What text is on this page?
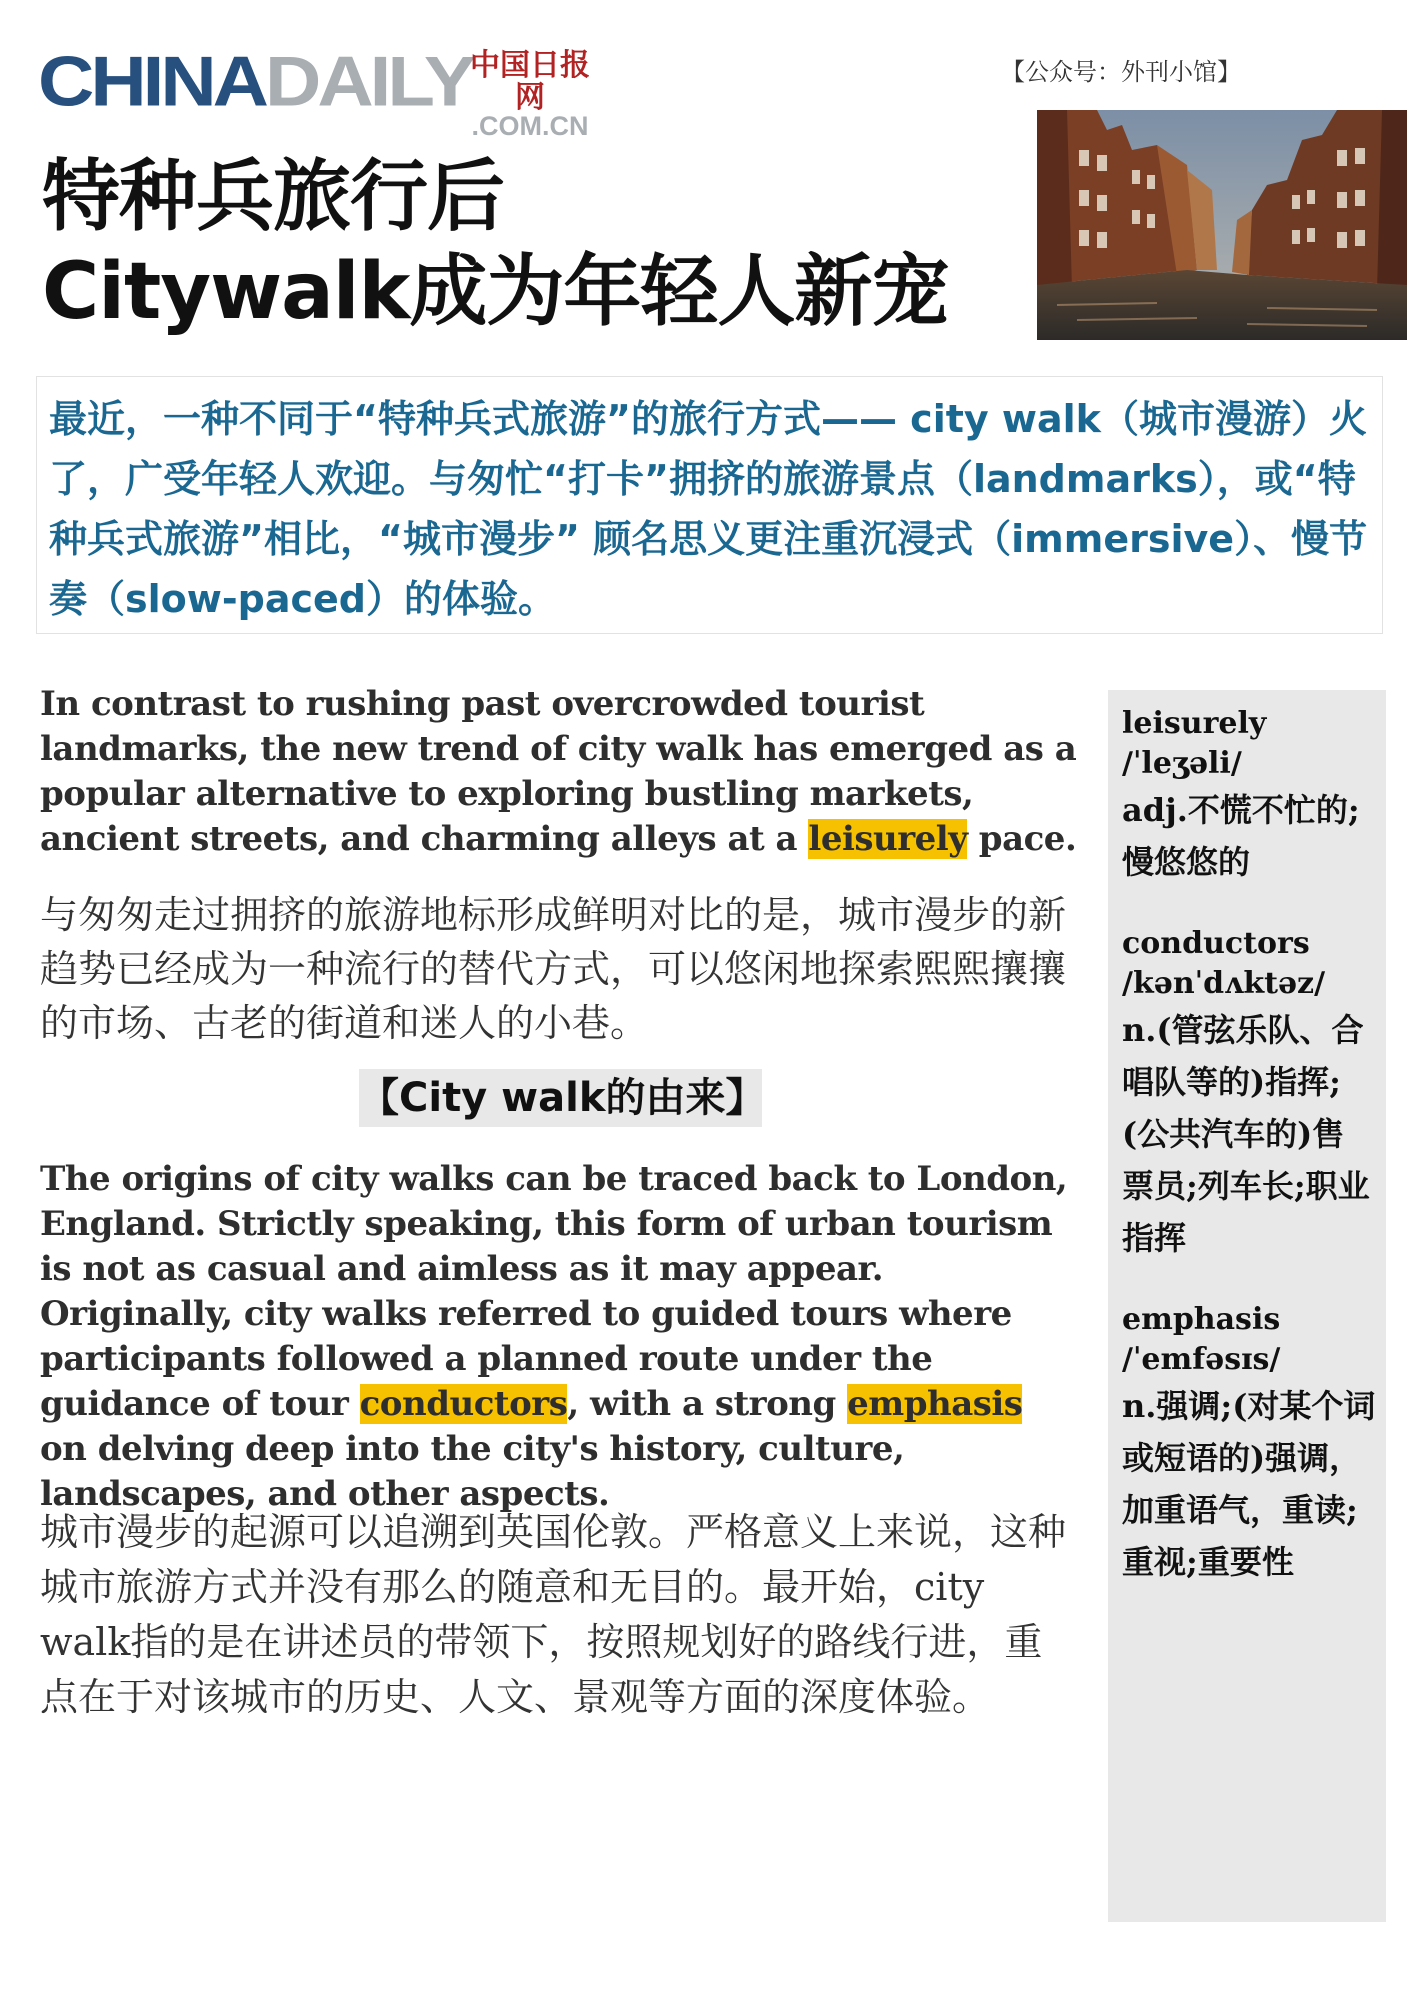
CHINADAILY
中国日报网
.COM.CN
【公众号：外刊小馆】
特种兵旅行后
Citywalk成为年轻人新宠

最近，一种不同于“特种兵式旅游”的旅行方式—— city walk（城市漫游）火了，广受年轻人欢迎。与匆忙“打卡”拥挤的旅游景点（landmarks），或“特种兵式旅游”相比，“城市漫步” 顾名思义更注重沉浸式（immersive）、慢节奏（slow-paced）的体验。

In contrast to rushing past overcrowded tourist landmarks, the new trend of city walk has emerged as a popular alternative to exploring bustling markets, ancient streets, and charming alleys at a leisurely pace.

与匆匆走过拥挤的旅游地标形成鲜明对比的是，城市漫步的新趋势已经成为一种流行的替代方式，可以悠闲地探索熙熙攘攘的市场、古老的街道和迷人的小巷。

【City walk的由来】

The origins of city walks can be traced back to London, England. Strictly speaking, this form of urban tourism is not as casual and aimless as it may appear. Originally, city walks referred to guided tours where participants followed a planned route under the guidance of tour conductors, with a strong emphasis on delving deep into the city's history, culture, landscapes, and other aspects.

城市漫步的起源可以追溯到英国伦敦。严格意义上来说，这种城市旅游方式并没有那么的随意和无目的。最开始，city walk指的是在讲述员的带领下，按照规划好的路线行进，重点在于对该城市的历史、人文、景观等方面的深度体验。

leisurely
/ˈleʒəli/
adj.不慌不忙的;慢悠悠的
conductors
/kənˈdʌktəz/
n.(管弦乐队、合唱队等的)指挥;(公共汽车的)售票员;列车长;职业指挥
emphasis
/ˈemfəsɪs/
n.强调;(对某个词或短语的)强调，加重语气，重读;重视;重要性
